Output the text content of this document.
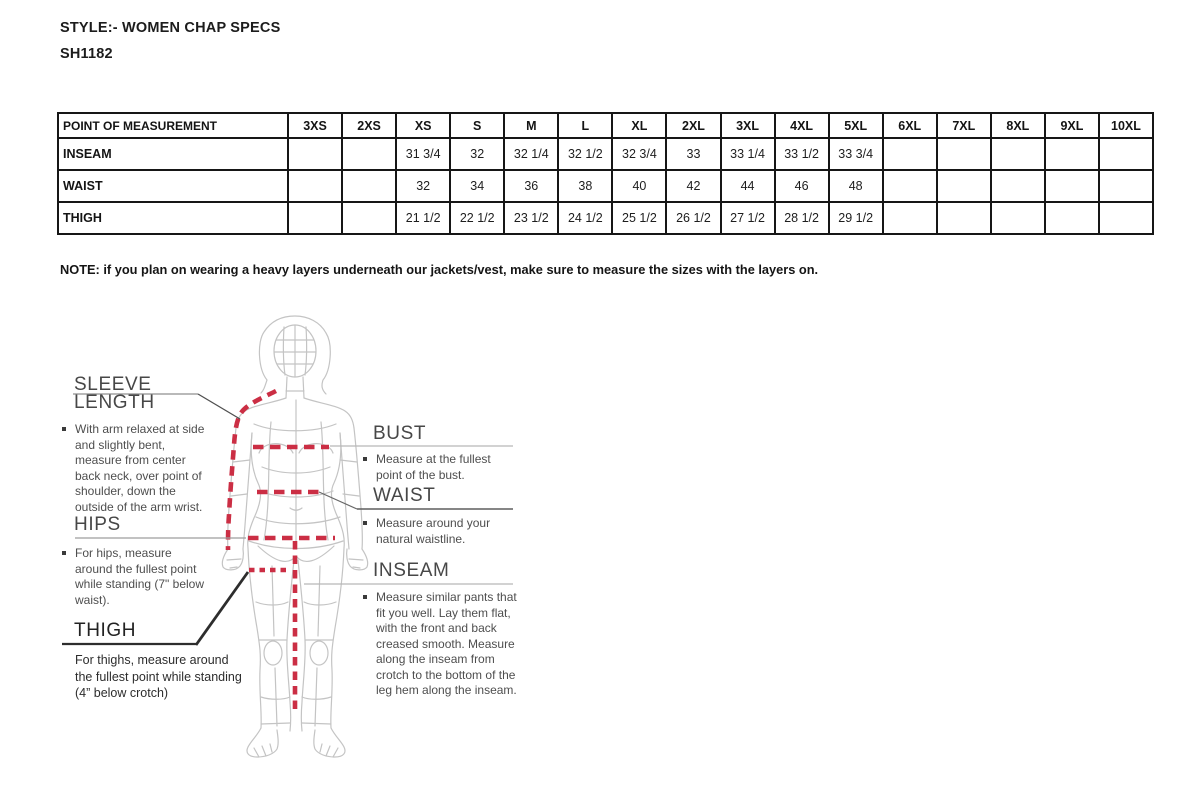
STYLE:- WOMEN CHAP SPECS
SH1182
POINT OF MEASUREMENT	3XS	2XS	XS	S	M	L	XL	2XL	3XL	4XL	5XL	6XL	7XL	8XL	9XL	10XL
INSEAM			31 3/4	32	32 1/4	32 1/2	32 3/4	33	33 1/4	33 1/2	33 3/4					
WAIST			32	34	36	38	40	42	44	46	48					
THIGH			21 1/2	22 1/2	23 1/2	24 1/2	25 1/2	26 1/2	27 1/2	28 1/2	29 1/2					
NOTE: if you plan on wearing a heavy layers underneath our jackets/vest, make sure to measure the sizes with the layers on.
SLEEVE LENGTH
With arm relaxed at side and slightly bent, measure from center back neck, over point of shoulder, down the outside of the arm wrist.
HIPS
For hips, measure around the fullest point while standing (7" below waist).
THIGH
For thighs, measure around the fullest point while standing (4” below crotch)
BUST
Measure at the fullest point of the bust.
WAIST
Measure around your natural waistline.
INSEAM
Measure similar pants that fit you well. Lay them flat, with the front and back creased smooth. Measure along the inseam from crotch to the bottom of the leg hem along the inseam.
